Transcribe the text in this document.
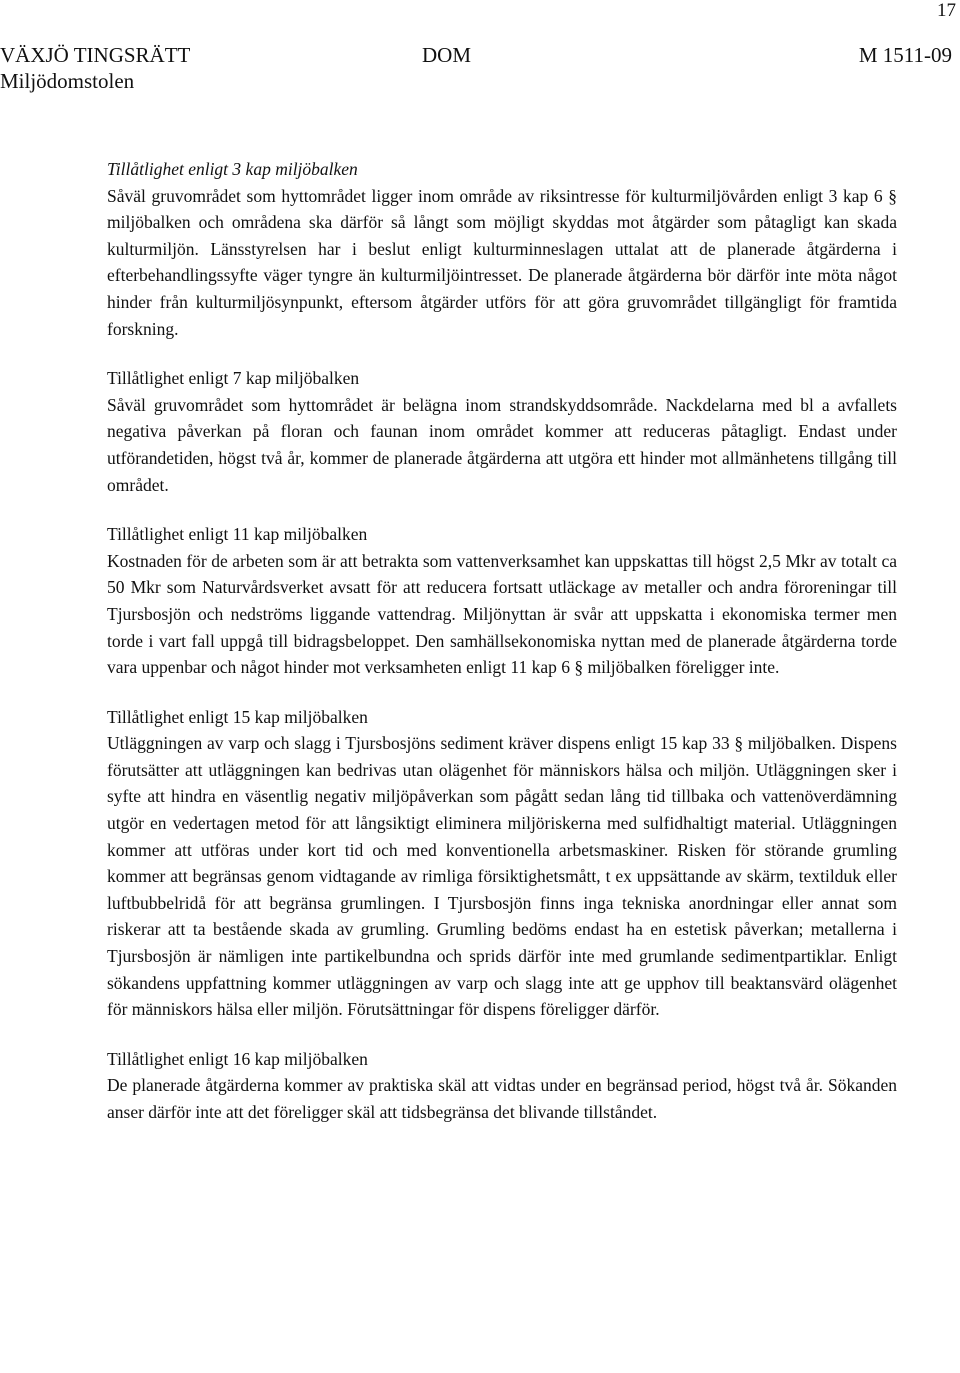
17
VÄXJÖ TINGSRÄTT
Miljödomstolen
DOM	M 1511-09

Tillåtlighet enligt 3 kap miljöbalken

Såväl gruvområdet som hyttområdet ligger inom område av riksintresse för kulturmiljövården enligt 3 kap 6 § miljöbalken och områdena ska därför så långt som möjligt skyddas mot åtgärder som påtagligt kan skada kulturmiljön. Länsstyrelsen har i beslut enligt kulturminneslagen uttalat att de planerade åtgärderna i efterbehandlingssyfte väger tyngre än kulturmiljöintresset. De planerade åtgärderna bör därför inte möta något hinder från kulturmiljösynpunkt, eftersom åtgärder utförs för att göra gruvområdet tillgängligt för framtida forskning.

Tillåtlighet enligt 7 kap miljöbalken

Såväl gruvområdet som hyttområdet är belägna inom strandskyddsområde. Nackdelarna med bl a avfallets negativa påverkan på floran och faunan inom området kommer att reduceras påtagligt. Endast under utförandetiden, högst två år, kommer de planerade åtgärderna att utgöra ett hinder mot allmänhetens tillgång till området.

Tillåtlighet enligt 11 kap miljöbalken

Kostnaden för de arbeten som är att betrakta som vattenverksamhet kan uppskattas till högst 2,5 Mkr av totalt ca 50 Mkr som Naturvårdsverket avsatt för att reducera fortsatt utläckage av metaller och andra föroreningar till Tjursbosjön och nedströms liggande vattendrag. Miljönyttan är svår att uppskatta i ekonomiska termer men torde i vart fall uppgå till bidragsbeloppet. Den samhällsekonomiska nyttan med de planerade åtgärderna torde vara uppenbar och något hinder mot verksamheten enligt 11 kap 6 § miljöbalken föreligger inte.

Tillåtlighet enligt 15 kap miljöbalken

Utläggningen av varp och slagg i Tjursbosjöns sediment kräver dispens enligt 15 kap 33 § miljöbalken. Dispens förutsätter att utläggningen kan bedrivas utan olägenhet för människors hälsa och miljön. Utläggningen sker i syfte att hindra en väsentlig negativ miljöpåverkan som pågått sedan lång tid tillbaka och vattenöverdämning utgör en vedertagen metod för att långsiktigt eliminera miljöriskerna med sulfidhaltigt material. Utläggningen kommer att utföras under kort tid och med konventionella arbetsmaskiner. Risken för störande grumling kommer att begränsas genom vidtagande av rimliga försiktighetsmått, t ex uppsättande av skärm, textilduk eller luftbubbelridå för att begränsa grumlingen. I Tjursbosjön finns inga tekniska anordningar eller annat som riskerar att ta bestående skada av grumling. Grumling bedöms endast ha en estetisk påverkan; metallerna i Tjursbosjön är nämligen inte partikelbundna och sprids därför inte med grumlande sedimentpartiklar. Enligt sökandens uppfattning kommer utläggningen av varp och slagg inte att ge upphov till beaktansvärd olägenhet för människors hälsa eller miljön. Förutsättningar för dispens föreligger därför.

Tillåtlighet enligt 16 kap miljöbalken

De planerade åtgärderna kommer av praktiska skäl att vidtas under en begränsad period, högst två år. Sökanden anser därför inte att det föreligger skäl att tidsbegränsa det blivande tillståndet.
